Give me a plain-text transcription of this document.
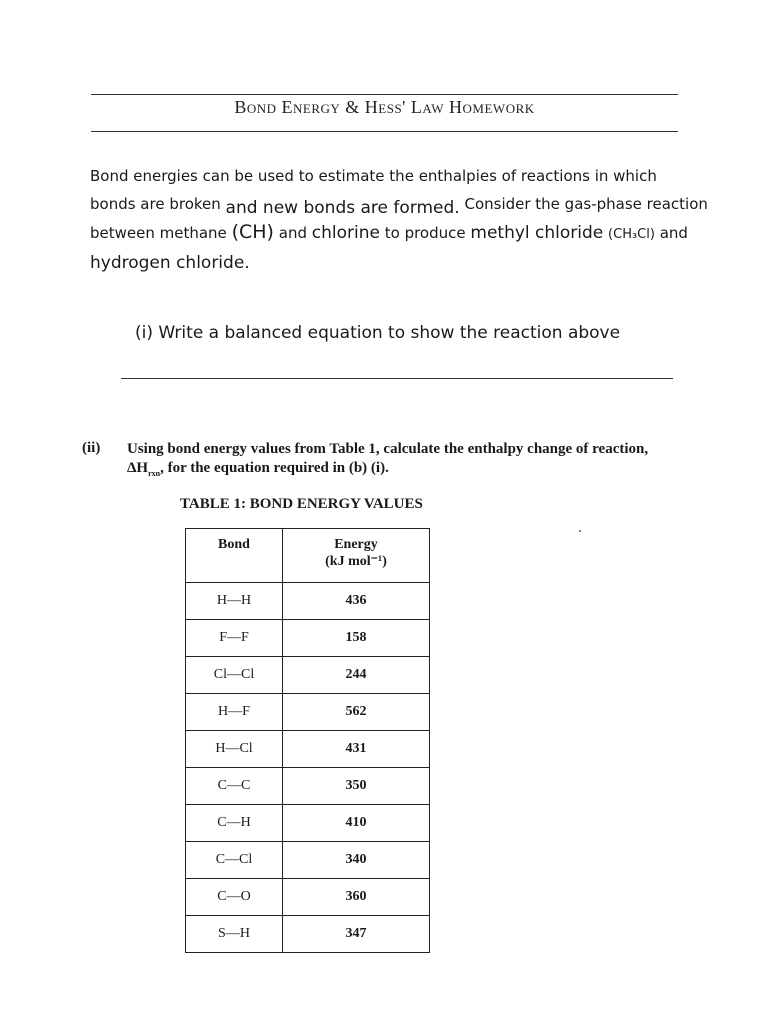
Bond Energy & Hess' Law Homework
Bond energies can be used to estimate the enthalpies of reactions in which
bonds are broken and new bonds are formed. Consider the gas-phase reaction
between methane (CH) and chlorine to produce methyl chloride (CH₃Cl) and
hydrogen chloride.
(i) Write a balanced equation to show the reaction above
(ii) Using bond energy values from Table 1, calculate the enthalpy change of reaction,
$\Delta H_{rxn}$, for the equation required in (b) (i).
TABLE 1: BOND ENERGY VALUES
Bond	Energy
(kJ mol⁻¹)

H—H	436
F—F	158
Cl—Cl	244
H—F	562
H—Cl	431
C—C	350
C—H	410
C—Cl	340
C—O	360
S—H	347
